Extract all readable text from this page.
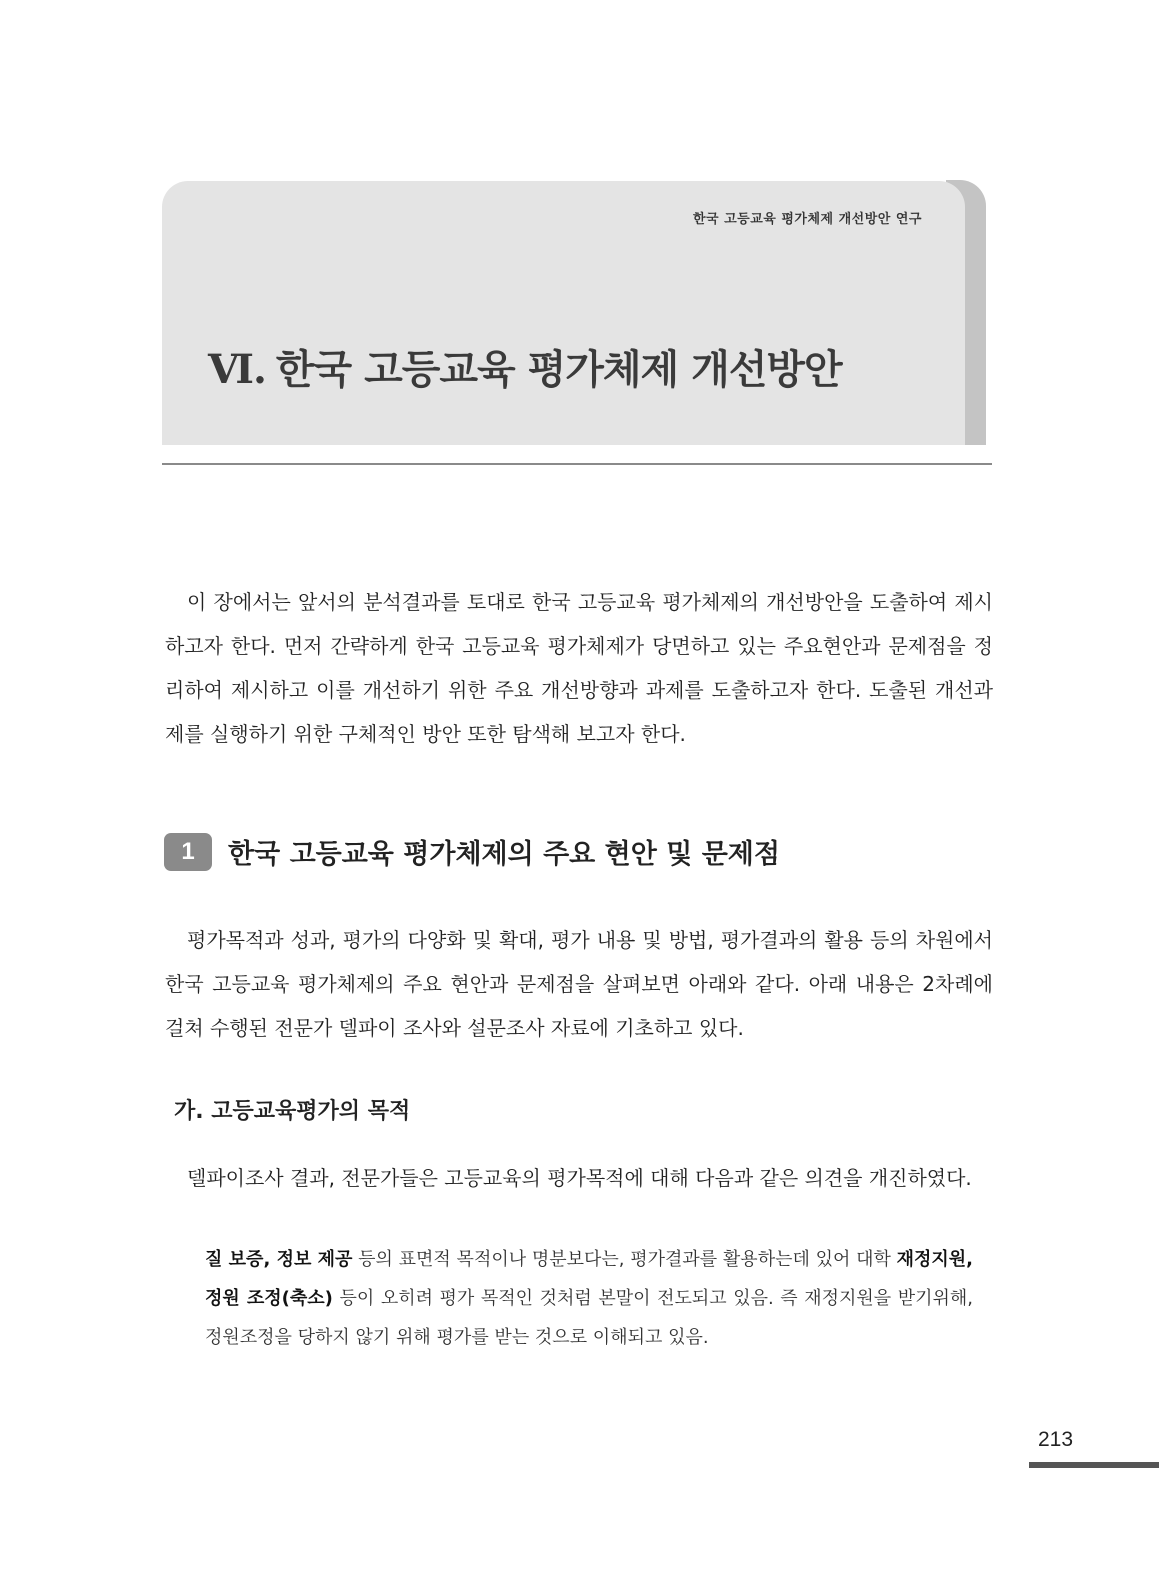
한국 고등교육 평가체제 개선방안 연구
Ⅵ. 한국 고등교육 평가체제 개선방안

이 장에서는 앞서의 분석결과를 토대로 한국 고등교육 평가체제의 개선방안을 도출하여 제시하고자 한다. 먼저 간략하게 한국 고등교육 평가체제가 당면하고 있는 주요현안과 문제점을 정리하여 제시하고 이를 개선하기 위한 주요 개선방향과 과제를 도출하고자 한다. 도출된 개선과제를 실행하기 위한 구체적인 방안 또한 탐색해 보고자 한다.

1	한국 고등교육 평가체제의 주요 현안 및 문제점

평가목적과 성과, 평가의 다양화 및 확대, 평가 내용 및 방법, 평가결과의 활용 등의 차원에서 한국 고등교육 평가체제의 주요 현안과 문제점을 살펴보면 아래와 같다. 아래 내용은 2차례에 걸쳐 수행된 전문가 델파이 조사와 설문조사 자료에 기초하고 있다.

가. 고등교육평가의 목적

델파이조사 결과, 전문가들은 고등교육의 평가목적에 대해 다음과 같은 의견을 개진하였다.

질 보증, 정보 제공 등의 표면적 목적이나 명분보다는, 평가결과를 활용하는데 있어 대학 재정지원, 정원 조정(축소) 등이 오히려 평가 목적인 것처럼 본말이 전도되고 있음. 즉 재정지원을 받기위해, 정원조정을 당하지 않기 위해 평가를 받는 것으로 이해되고 있음.

213
